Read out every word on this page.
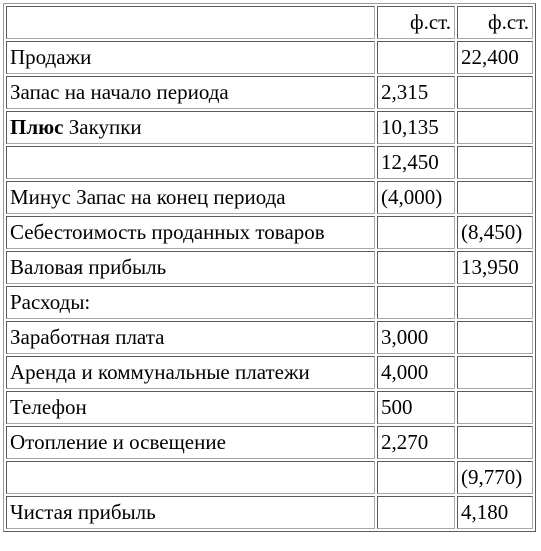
	ф.ст.	ф.ст.
Продажи		22,400
Запас на начало периода	2,315	
Плюс Закупки	10,135	
	12,450	
Минус Запас на конец периода	(4,000)	
Себестоимость проданных товаров		(8,450)
Валовая прибыль		13,950
Расходы:		
Заработная плата	3,000	
Аренда и коммунальные платежи	4,000	
Телефон	500	
Отопление и освещение	2,270	
		(9,770)
Чистая прибыль		4,180
